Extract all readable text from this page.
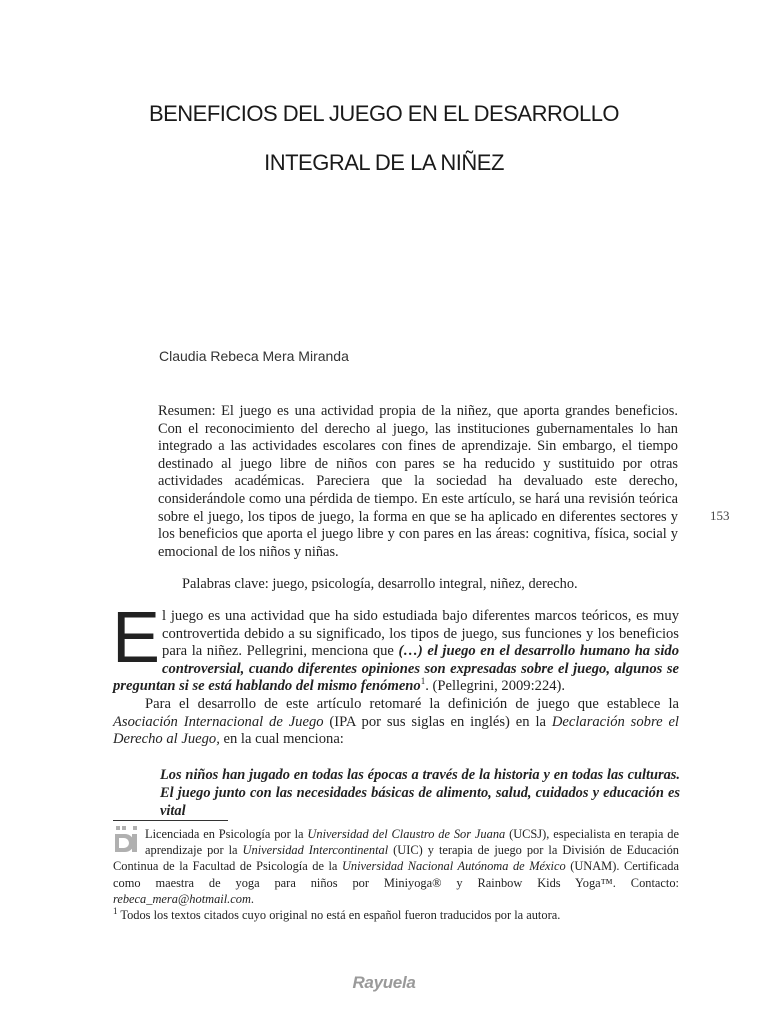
BENEFICIOS DEL JUEGO EN EL DESARROLLO
INTEGRAL DE LA NIÑEZ
Claudia Rebeca Mera Miranda

Resumen: El juego es una actividad propia de la niñez, que aporta grandes beneficios. Con el reconocimiento del derecho al juego, las instituciones gubernamentales lo han integrado a las actividades escolares con fines de aprendizaje. Sin embargo, el tiempo destinado al juego libre de niños con pares se ha reducido y sustituido por otras actividades académicas. Pareciera que la sociedad ha devaluado este derecho, considerándole como una pérdida de tiempo. En este artículo, se hará una revisión teórica sobre el juego, los tipos de juego, la forma en que se ha aplicado en diferentes sectores y los beneficios que aporta el juego libre y con pares en las áreas: cognitiva, física, social y emocional de los niños y niñas.

153

Palabras clave: juego, psicología, desarrollo integral, niñez, derecho.

El juego es una actividad que ha sido estudiada bajo diferentes marcos teóricos, es muy controvertida debido a su significado, los tipos de juego, sus funciones y los beneficios para la niñez. Pellegrini, menciona que (…) el juego en el desarrollo humano ha sido controversial, cuando diferentes opiniones son expresadas sobre el juego, algunos se preguntan si se está hablando del mismo fenómeno$^1$. (Pellegrini, 2009:224).

Para el desarrollo de este artículo retomaré la definición de juego que establece la Asociación Internacional de Juego (IPA por sus siglas en inglés) en la Declaración sobre el Derecho al Juego, en la cual menciona:

Los niños han jugado en todas las épocas a través de la historia y en todas las culturas. El juego junto con las necesidades básicas de alimento, salud, cuidados y educación es vital

Licenciada en Psicología por la Universidad del Claustro de Sor Juana (UCSJ), especialista en terapia de aprendizaje por la Universidad Intercontinental (UIC) y terapia de juego por la División de Educación Continua de la Facultad de Psicología de la Universidad Nacional Autónoma de México (UNAM). Certificada como maestra de yoga para niños por Miniyoga® y Rainbow Kids Yoga™. Contacto: rebeca_mera@hotmail.com.

$^1$ Todos los textos citados cuyo original no está en español fueron traducidos por la autora.

Rayuela
